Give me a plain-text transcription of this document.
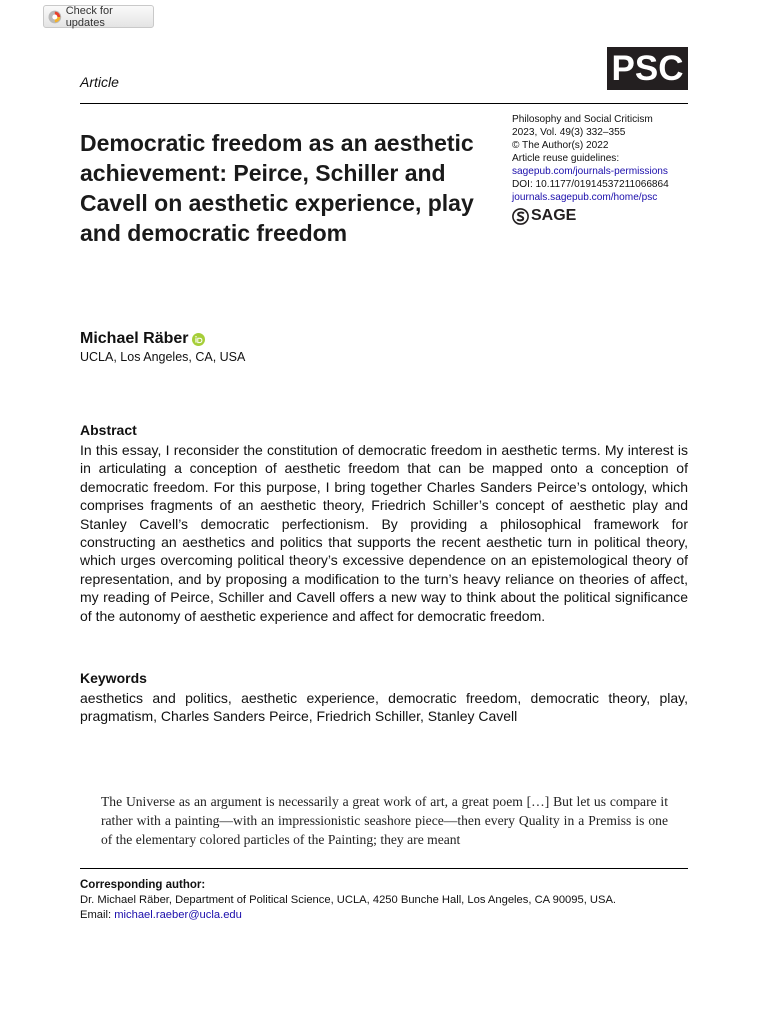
Check for updates
PSC
Article
Democratic freedom as an aesthetic achievement: Peirce, Schiller and Cavell on aesthetic experience, play and democratic freedom
Philosophy and Social Criticism
2023, Vol. 49(3) 332–355
© The Author(s) 2022
Article reuse guidelines:
sagepub.com/journals-permissions
DOI: 10.1177/01914537211066864
journals.sagepub.com/home/psc
SAGE
Michael Räber
UCLA, Los Angeles, CA, USA
Abstract

In this essay, I reconsider the constitution of democratic freedom in aesthetic terms. My interest is in articulating a conception of aesthetic freedom that can be mapped onto a conception of democratic freedom. For this purpose, I bring together Charles Sanders Peirce’s ontology, which comprises fragments of an aesthetic theory, Friedrich Schiller’s concept of aesthetic play and Stanley Cavell’s democratic perfectionism. By providing a philosophical framework for constructing an aesthetics and politics that supports the recent aesthetic turn in political theory, which urges overcoming political theory’s excessive dependence on an epistemological theory of representation, and by proposing a modification to the turn’s heavy reliance on theories of affect, my reading of Peirce, Schiller and Cavell offers a new way to think about the political significance of the autonomy of aesthetic experience and affect for democratic freedom.

Keywords

aesthetics and politics, aesthetic experience, democratic freedom, democratic theory, play, pragmatism, Charles Sanders Peirce, Friedrich Schiller, Stanley Cavell

The Universe as an argument is necessarily a great work of art, a great poem […] But let us compare it rather with a painting—with an impressionistic seashore piece—then every Quality in a Premiss is one of the elementary colored particles of the Painting; they are meant

Corresponding author:
Dr. Michael Räber, Department of Political Science, UCLA, 4250 Bunche Hall, Los Angeles, CA 90095, USA.
Email: michael.raeber@ucla.edu
